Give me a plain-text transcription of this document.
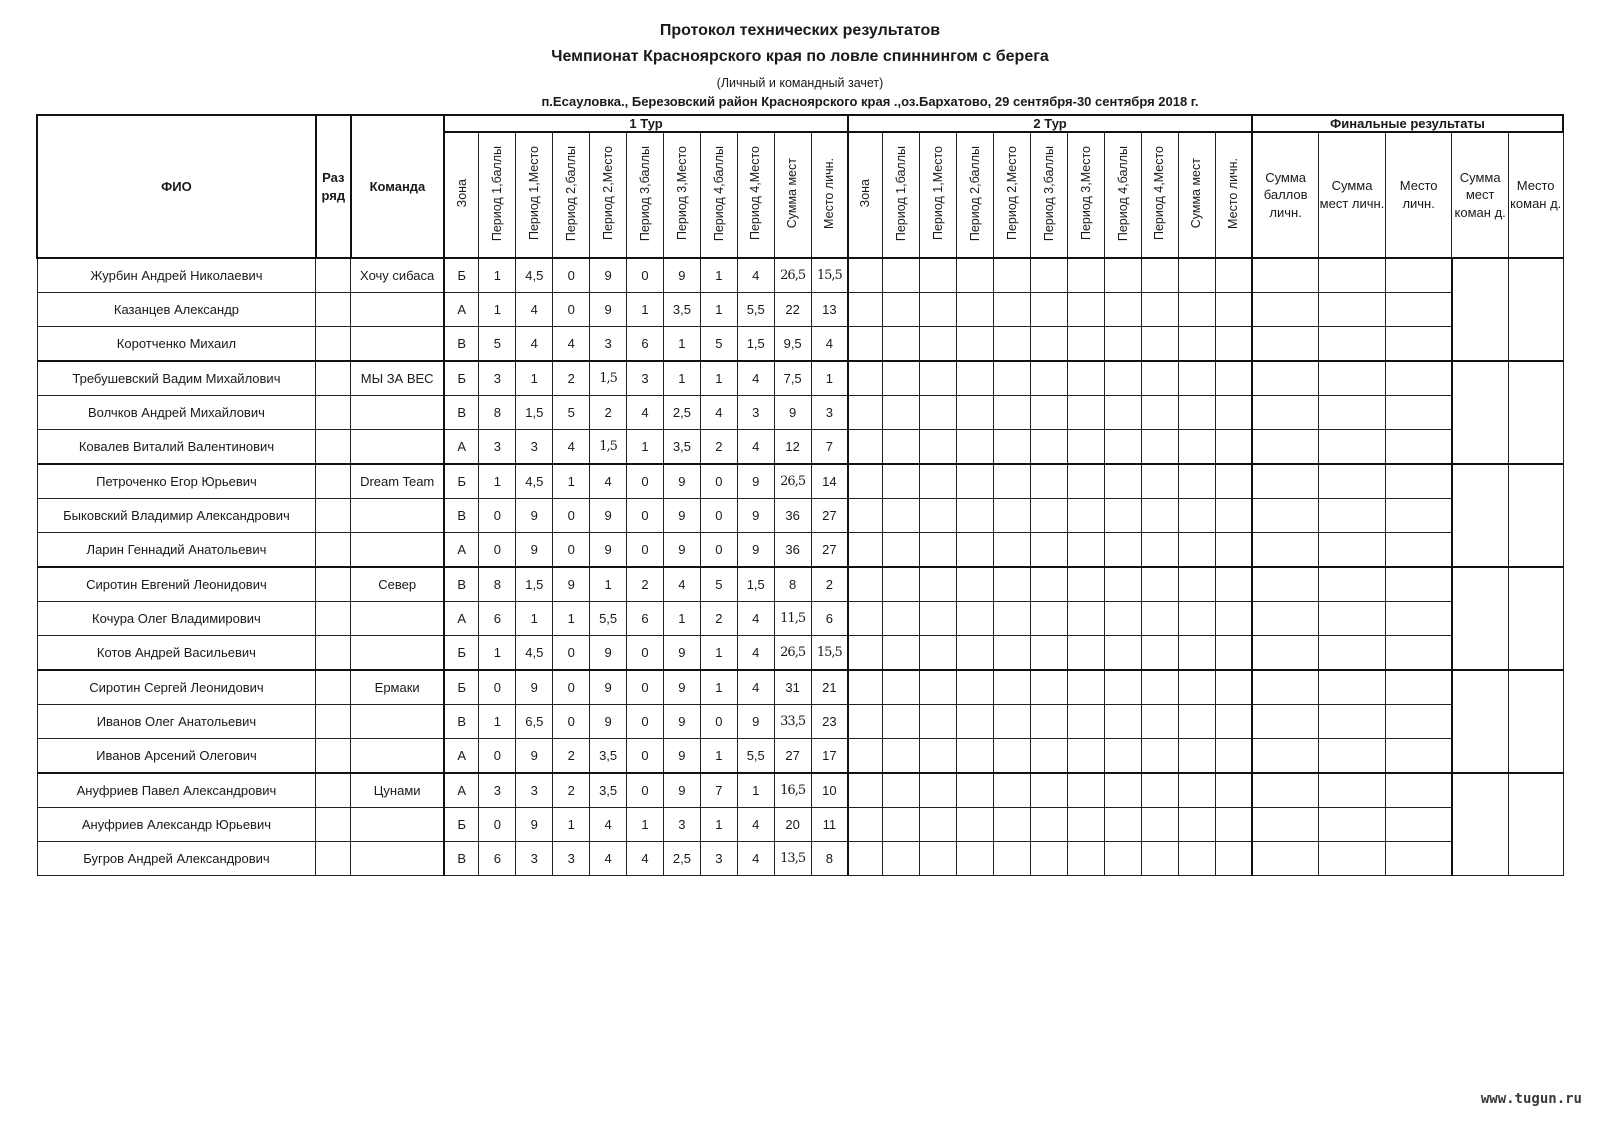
Протокол технических результатов
Чемпионат Красноярского края по ловле спиннингом с берега
(Личный и командный зачет)
п.Есауловка., Березовский район Красноярского края .,оз.Бархатово, 29 сентября-30 сентября 2018 г.
ФИО	Раз ряд	Команда	1 Тур											2 Тур											Финальные результаты				
			Зона	Период 1,баллы	Период 1,Место	Период 2,баллы	Период 2,Место	Период 3,баллы	Период 3,Место	Период 4,баллы	Период 4,Место	Сумма мест	Место личн.	Зона	Период 1,баллы	Период 1,Место	Период 2,баллы	Период 2,Место	Период 3,баллы	Период 3,Место	Период 4,баллы	Период 4,Место	Сумма мест	Место личн.	Сумма баллов личн.	Сумма мест личн.	Место личн.	Сумма мест коман д.	Место коман д.

Журбин Андрей Николаевич		Хочу сибаса	Б	1	4,5	0	9	0	9	1	4	26,5	15,5																
Казанцев Александр			А	1	4	0	9	1	3,5	1	5,5	22	13																
Коротченко Михаил			В	5	4	4	3	6	1	5	1,5	9,5	4																
Требушевский Вадим Михайлович		МЫ ЗА ВЕС	Б	3	1	2	1,5	3	1	1	4	7,5	1																
Волчков Андрей Михайлович			В	8	1,5	5	2	4	2,5	4	3	9	3																
Ковалев Виталий Валентинович			А	3	3	4	1,5	1	3,5	2	4	12	7																
Петроченко Егор Юрьевич		Dream Team	Б	1	4,5	1	4	0	9	0	9	26,5	14																
Быковский Владимир Александрович			В	0	9	0	9	0	9	0	9	36	27																
Ларин Геннадий Анатольевич			А	0	9	0	9	0	9	0	9	36	27																
Сиротин Евгений Леонидович		Север	В	8	1,5	9	1	2	4	5	1,5	8	2																
Кочура Олег Владимирович			А	6	1	1	5,5	6	1	2	4	11,5	6																
Котов Андрей Васильевич			Б	1	4,5	0	9	0	9	1	4	26,5	15,5																
Сиротин Сергей Леонидович		Ермаки	Б	0	9	0	9	0	9	1	4	31	21																
Иванов Олег Анатольевич			В	1	6,5	0	9	0	9	0	9	33,5	23																
Иванов Арсений Олегович			А	0	9	2	3,5	0	9	1	5,5	27	17																
Ануфриев Павел Александрович		Цунами	А	3	3	2	3,5	0	9	7	1	16,5	10																
Ануфриев Александр Юрьевич			Б	0	9	1	4	1	3	1	4	20	11																
Бугров Андрей Александрович			В	6	3	3	4	4	2,5	3	4	13,5	8																
www.tugun.ru
